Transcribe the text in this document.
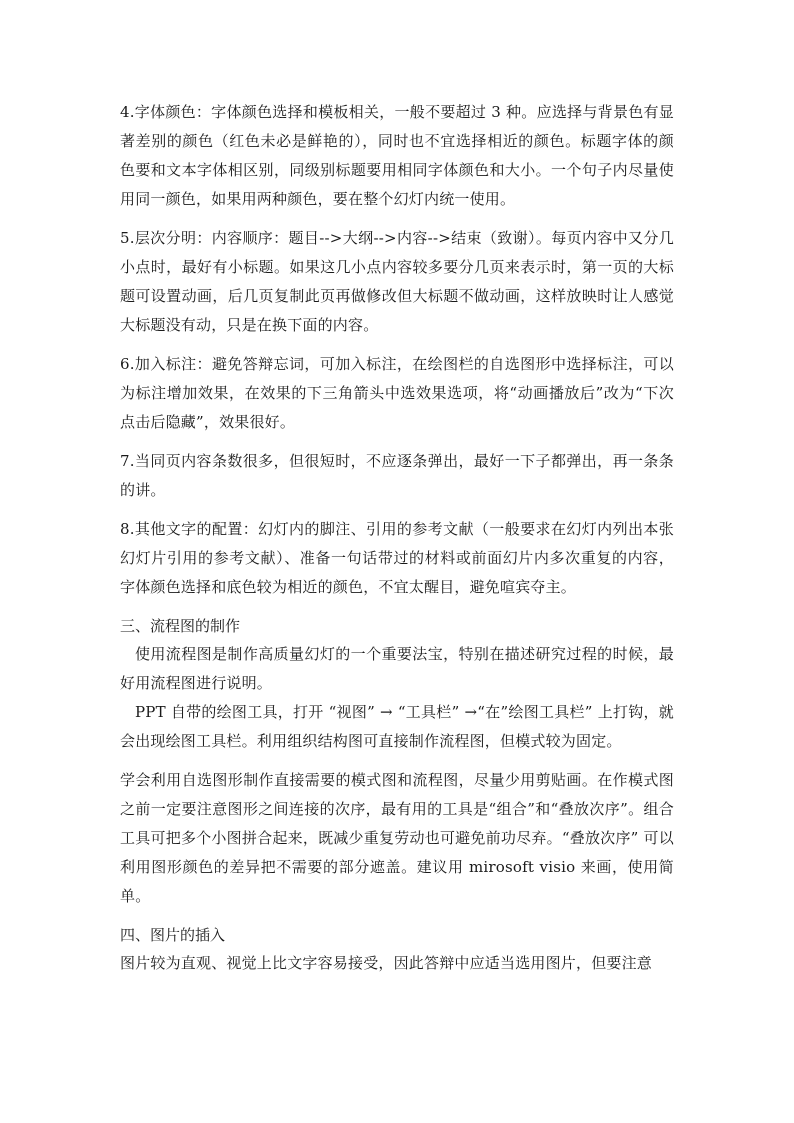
4.字体颜色：字体颜色选择和模板相关，一般不要超过 3 种。应选择与背景色有显著差别的颜色（红色未必是鲜艳的），同时也不宜选择相近的颜色。标题字体的颜色要和文本字体相区别，同级别标题要用相同字体颜色和大小。一个句子内尽量使用同一颜色，如果用两种颜色，要在整个幻灯内统一使用。

5.层次分明：内容顺序：题目-->大纲-->内容-->结束（致谢）。每页内容中又分几小点时，最好有小标题。如果这几小点内容较多要分几页来表示时，第一页的大标题可设置动画，后几页复制此页再做修改但大标题不做动画，这样放映时让人感觉大标题没有动，只是在换下面的内容。

6.加入标注：避免答辩忘词，可加入标注，在绘图栏的自选图形中选择标注，可以为标注增加效果，在效果的下三角箭头中选效果选项，将“动画播放后”改为“下次点击后隐藏”，效果很好。

7.当同页内容条数很多，但很短时，不应逐条弹出，最好一下子都弹出，再一条条的讲。

8.其他文字的配置：幻灯内的脚注、引用的参考文献（一般要求在幻灯内列出本张幻灯片引用的参考文献）、准备一句话带过的材料或前面幻片内多次重复的内容，字体颜色选择和底色较为相近的颜色，不宜太醒目，避免喧宾夺主。

三、流程图的制作

使用流程图是制作高质量幻灯的一个重要法宝，特别在描述研究过程的时候，最好用流程图进行说明。

PPT 自带的绘图工具，打开 “视图” → “工具栏” →“在”绘图工具栏” 上打钩，就会出现绘图工具栏。利用组织结构图可直接制作流程图，但模式较为固定。

学会利用自选图形制作直接需要的模式图和流程图，尽量少用剪贴画。在作模式图之前一定要注意图形之间连接的次序，最有用的工具是“组合”和“叠放次序”。组合工具可把多个小图拼合起来，既减少重复劳动也可避免前功尽弃。“叠放次序” 可以利用图形颜色的差异把不需要的部分遮盖。建议用 mirosoft visio 来画，使用简单。

四、图片的插入

图片较为直观、视觉上比文字容易接受，因此答辩中应适当选用图片，但要注意
